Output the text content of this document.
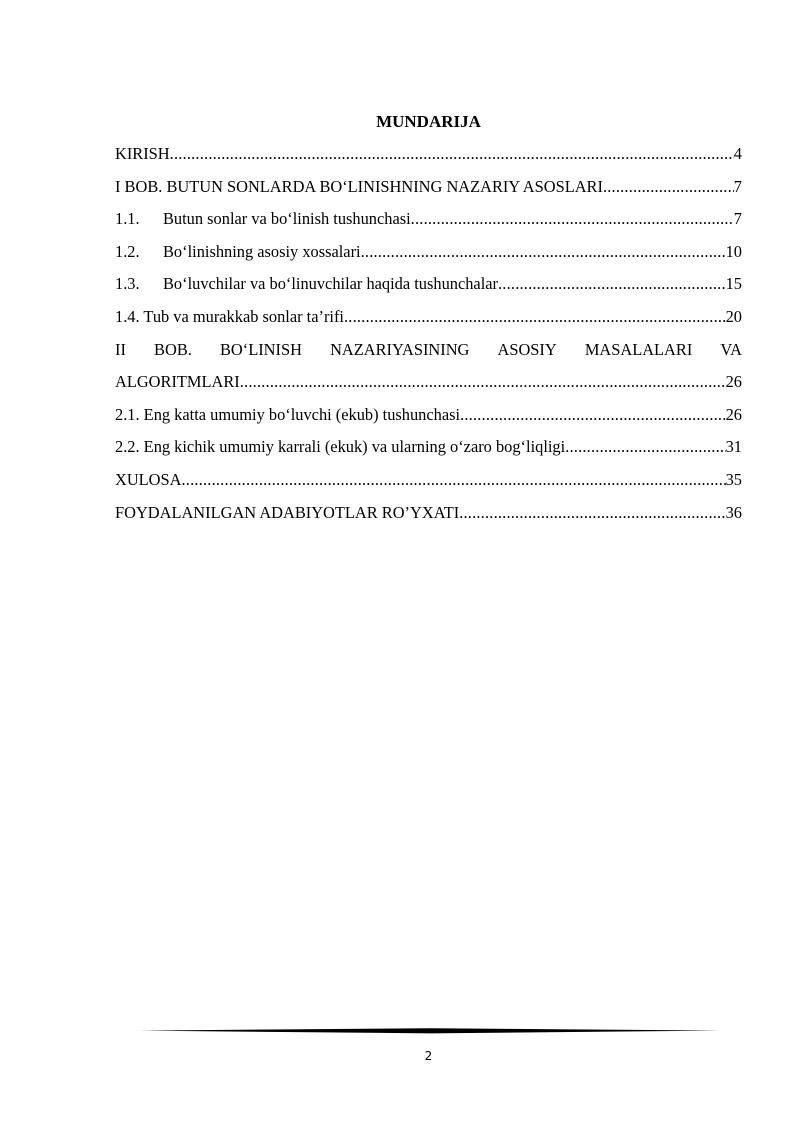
MUNDARIJA
KIRISH .....	4
I BOB. BUTUN SONLARDA BO‘LINISHNING NAZARIY ASOSLARI .....	7
1.1.	Butun sonlar va bo‘linish tushunchasi .....	7
1.2.	Bo‘linishning asosiy xossalari .....	10
1.3.	Bo‘luvchilar va bo‘linuvchilar haqida tushunchalar .....	15
1.4. Tub va murakkab sonlar ta’rifi .....	20
II BOB. BO‘LINISH NAZARIYASINING ASOSIY MASALALARI VA
ALGORITMLARI .....	26
2.1. Eng katta umumiy bo‘luvchi (ekub) tushunchasi .....	26
2.2. Eng kichik umumiy karrali (ekuk) va ularning o‘zaro bog‘liqligi .....	31
XULOSA .....	35
FOYDALANILGAN ADABIYOTLAR RO’YXATI .....	36
2
